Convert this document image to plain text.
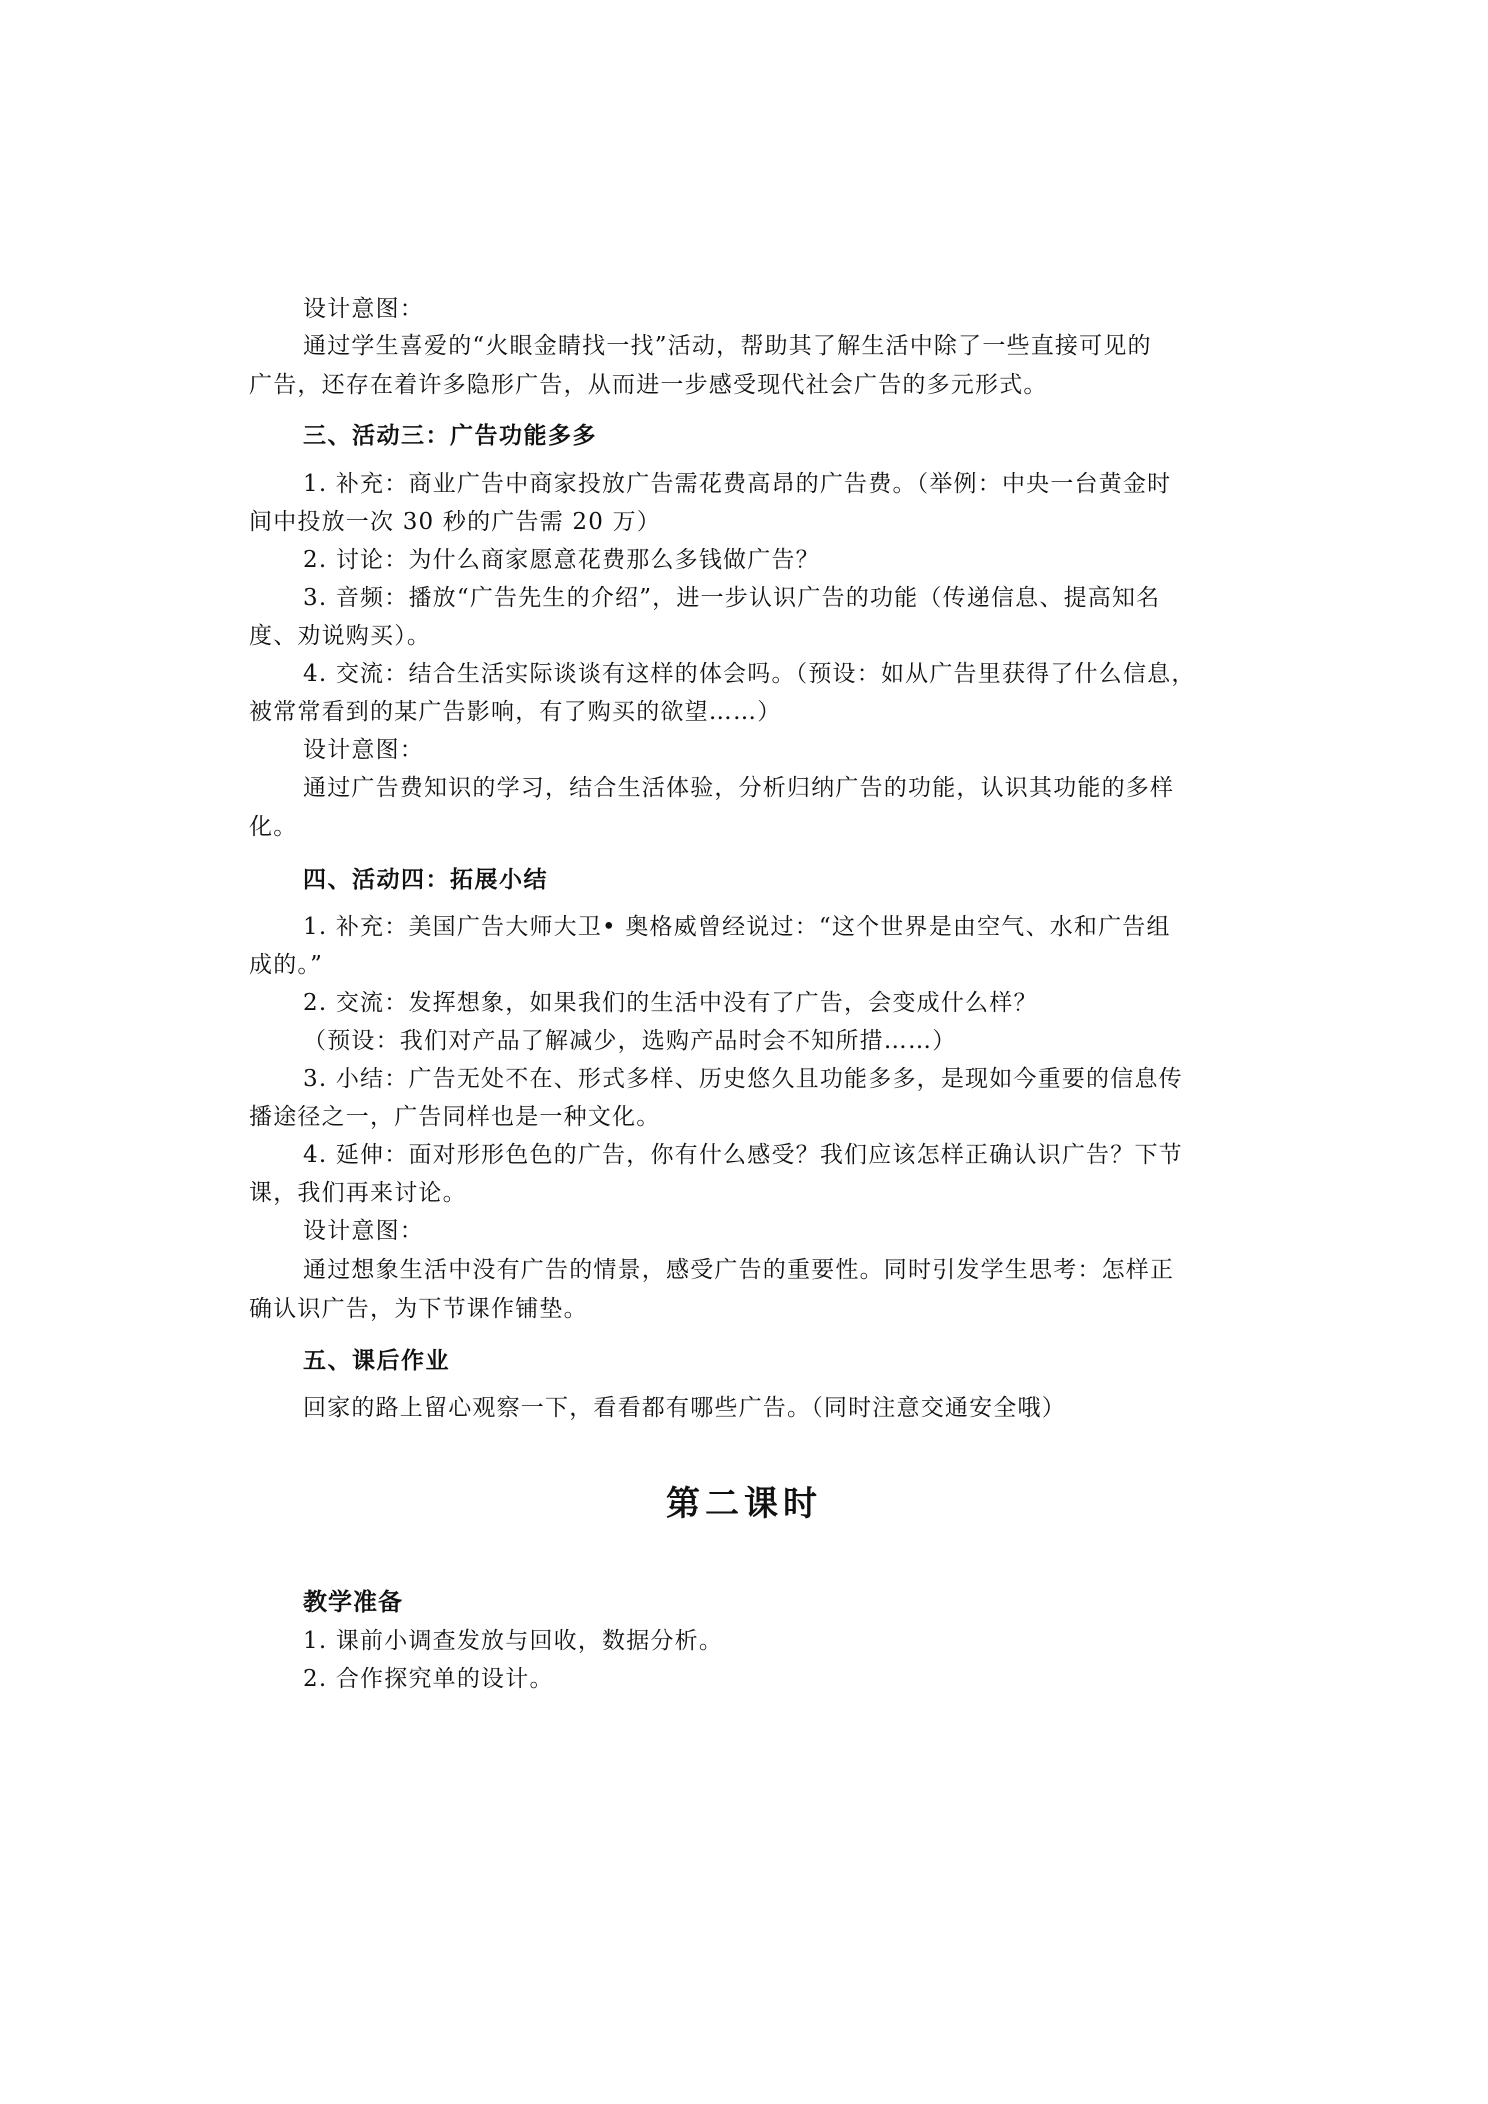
设计意图：

通过学生喜爱的“火眼金睛找一找”活动，帮助其了解生活中除了一些直接可见的

广告，还存在着许多隐形广告，从而进一步感受现代社会广告的多元形式。

三、活动三：广告功能多多

1. 补充：商业广告中商家投放广告需花费高昂的广告费。（举例：中央一台黄金时

间中投放一次 30 秒的广告需 20 万）

2. 讨论：为什么商家愿意花费那么多钱做广告？

3. 音频：播放“广告先生的介绍”，进一步认识广告的功能（传递信息、提高知名

度、劝说购买）。

4. 交流：结合生活实际谈谈有这样的体会吗。（预设：如从广告里获得了什么信息，

被常常看到的某广告影响，有了购买的欲望……）

设计意图：

通过广告费知识的学习，结合生活体验，分析归纳广告的功能，认识其功能的多样

化。

四、活动四：拓展小结

1. 补充：美国广告大师大卫• 奥格威曾经说过：“这个世界是由空气、水和广告组

成的。”

2. 交流：发挥想象，如果我们的生活中没有了广告，会变成什么样？

（预设：我们对产品了解减少，选购产品时会不知所措……）

3. 小结：广告无处不在、形式多样、历史悠久且功能多多，是现如今重要的信息传

播途径之一，广告同样也是一种文化。

4. 延伸：面对形形色色的广告，你有什么感受？我们应该怎样正确认识广告？下节

课，我们再来讨论。

设计意图：

通过想象生活中没有广告的情景，感受广告的重要性。同时引发学生思考：怎样正

确认识广告，为下节课作铺垫。

五、课后作业

回家的路上留心观察一下，看看都有哪些广告。（同时注意交通安全哦）

第二课时

教学准备

1. 课前小调查发放与回收，数据分析。

2. 合作探究单的设计。
